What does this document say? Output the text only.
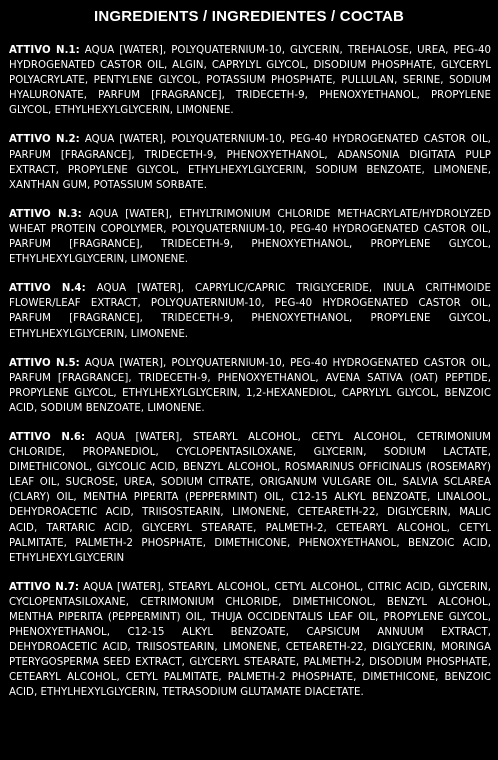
INGREDIENTS / INGREDIENTES / COCTAB

ATTIVO N.1: AQUA [WATER], POLYQUATERNIUM-10, GLYCERIN, TREHALOSE, UREA, PEG-40 HYDROGENATED CASTOR OIL, ALGIN, CAPRYLYL GLYCOL, DISODIUM PHOSPHATE, GLYCERYL POLYACRYLATE, PENTYLENE GLYCOL, POTASSIUM PHOSPHATE, PULLULAN, SERINE, SODIUM HYALURONATE, PARFUM [FRAGRANCE], TRIDECETH-9, PHENOXYETHANOL, PROPYLENE GLYCOL, ETHYLHEXYLGLYCERIN, LIMONENE.

ATTIVO N.2: AQUA [WATER], POLYQUATERNIUM-10, PEG-40 HYDROGENATED CASTOR OIL, PARFUM [FRAGRANCE], TRIDECETH-9, PHENOXYETHANOL, ADANSONIA DIGITATA PULP EXTRACT, PROPYLENE GLYCOL, ETHYLHEXYLGLYCERIN, SODIUM BENZOATE, LIMONENE, XANTHAN GUM, POTASSIUM SORBATE.

ATTIVO N.3: AQUA [WATER], ETHYLTRIMONIUM CHLORIDE METHACRYLATE/HYDROLYZED WHEAT PROTEIN COPOLYMER, POLYQUATERNIUM-10, PEG-40 HYDROGENATED CASTOR OIL, PARFUM [FRAGRANCE], TRIDECETH-9, PHENOXYETHANOL, PROPYLENE GLYCOL, ETHYLHEXYLGLYCERIN, LIMONENE.

ATTIVO N.4: AQUA [WATER], CAPRYLIC/CAPRIC TRIGLYCERIDE, INULA CRITHMOIDE FLOWER/LEAF EXTRACT, POLYQUATERNIUM-10, PEG-40 HYDROGENATED CASTOR OIL, PARFUM [FRAGRANCE], TRIDECETH-9, PHENOXYETHANOL, PROPYLENE GLYCOL, ETHYLHEXYLGLYCERIN, LIMONENE.

ATTIVO N.5: AQUA [WATER], POLYQUATERNIUM-10, PEG-40 HYDROGENATED CASTOR OIL, PARFUM [FRAGRANCE], TRIDECETH-9, PHENOXYETHANOL, AVENA SATIVA (OAT) PEPTIDE, PROPYLENE GLYCOL, ETHYLHEXYLGLYCERIN, 1,2-HEXANEDIOL, CAPRYLYL GLYCOL, BENZOIC ACID, SODIUM BENZOATE, LIMONENE.

ATTIVO N.6: AQUA [WATER], STEARYL ALCOHOL, CETYL ALCOHOL, CETRIMONIUM CHLORIDE, PROPANEDIOL, CYCLOPENTASILOXANE, GLYCERIN, SODIUM LACTATE, DIMETHICONOL, GLYCOLIC ACID, BENZYL ALCOHOL, ROSMARINUS OFFICINALIS (ROSEMARY) LEAF OIL, SUCROSE, UREA, SODIUM CITRATE, ORIGANUM VULGARE OIL, SALVIA SCLAREA (CLARY) OIL, MENTHA PIPERITA (PEPPERMINT) OIL, C12-15 ALKYL BENZOATE, LINALOOL, DEHYDROACETIC ACID, TRIISOSTEARIN, LIMONENE, CETEARETH-22, DIGLYCERIN, MALIC ACID, TARTARIC ACID, GLYCERYL STEARATE, PALMETH-2, CETEARYL ALCOHOL, CETYL PALMITATE, PALMETH-2 PHOSPHATE, DIMETHICONE, PHENOXYETHANOL, BENZOIC ACID, ETHYLHEXYLGLYCERIN

ATTIVO N.7: AQUA [WATER], STEARYL ALCOHOL, CETYL ALCOHOL, CITRIC ACID, GLYCERIN, CYCLOPENTASILOXANE, CETRIMONIUM CHLORIDE, DIMETHICONOL, BENZYL ALCOHOL, MENTHA PIPERITA (PEPPERMINT) OIL, THUJA OCCIDENTALIS LEAF OIL, PROPYLENE GLYCOL, PHENOXYETHANOL, C12-15 ALKYL BENZOATE, CAPSICUM ANNUUM EXTRACT, DEHYDROACETIC ACID, TRIISOSTEARIN, LIMONENE, CETEARETH-22, DIGLYCERIN, MORINGA PTERYGOSPERMA SEED EXTRACT, GLYCERYL STEARATE, PALMETH-2, DISODIUM PHOSPHATE, CETEARYL ALCOHOL, CETYL PALMITATE, PALMETH-2 PHOSPHATE, DIMETHICONE, BENZOIC ACID, ETHYLHEXYLGLYCERIN, TETRASODIUM GLUTAMATE DIACETATE.
